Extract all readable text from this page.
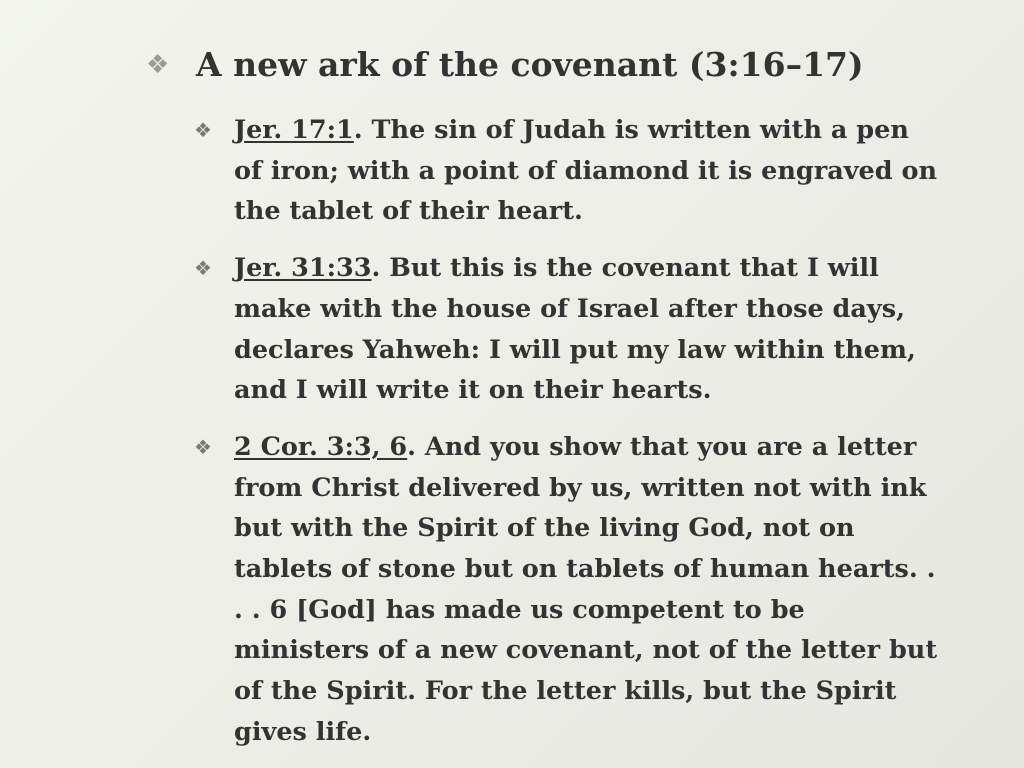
❖ A new ark of the covenant (3:16–17)
❖ Jer. 17:1. The sin of Judah is written with a pen of iron; with a point of diamond it is engraved on the tablet of their heart.
❖ Jer. 31:33. But this is the covenant that I will make with the house of Israel after those days, declares Yahweh: I will put my law within them, and I will write it on their hearts.
❖ 2 Cor. 3:3, 6. And you show that you are a letter from Christ delivered by us, written not with ink but with the Spirit of the living God, not on tablets of stone but on tablets of human hearts. . . . 6 [God] has made us competent to be ministers of a new covenant, not of the letter but of the Spirit. For the letter kills, but the Spirit gives life.
